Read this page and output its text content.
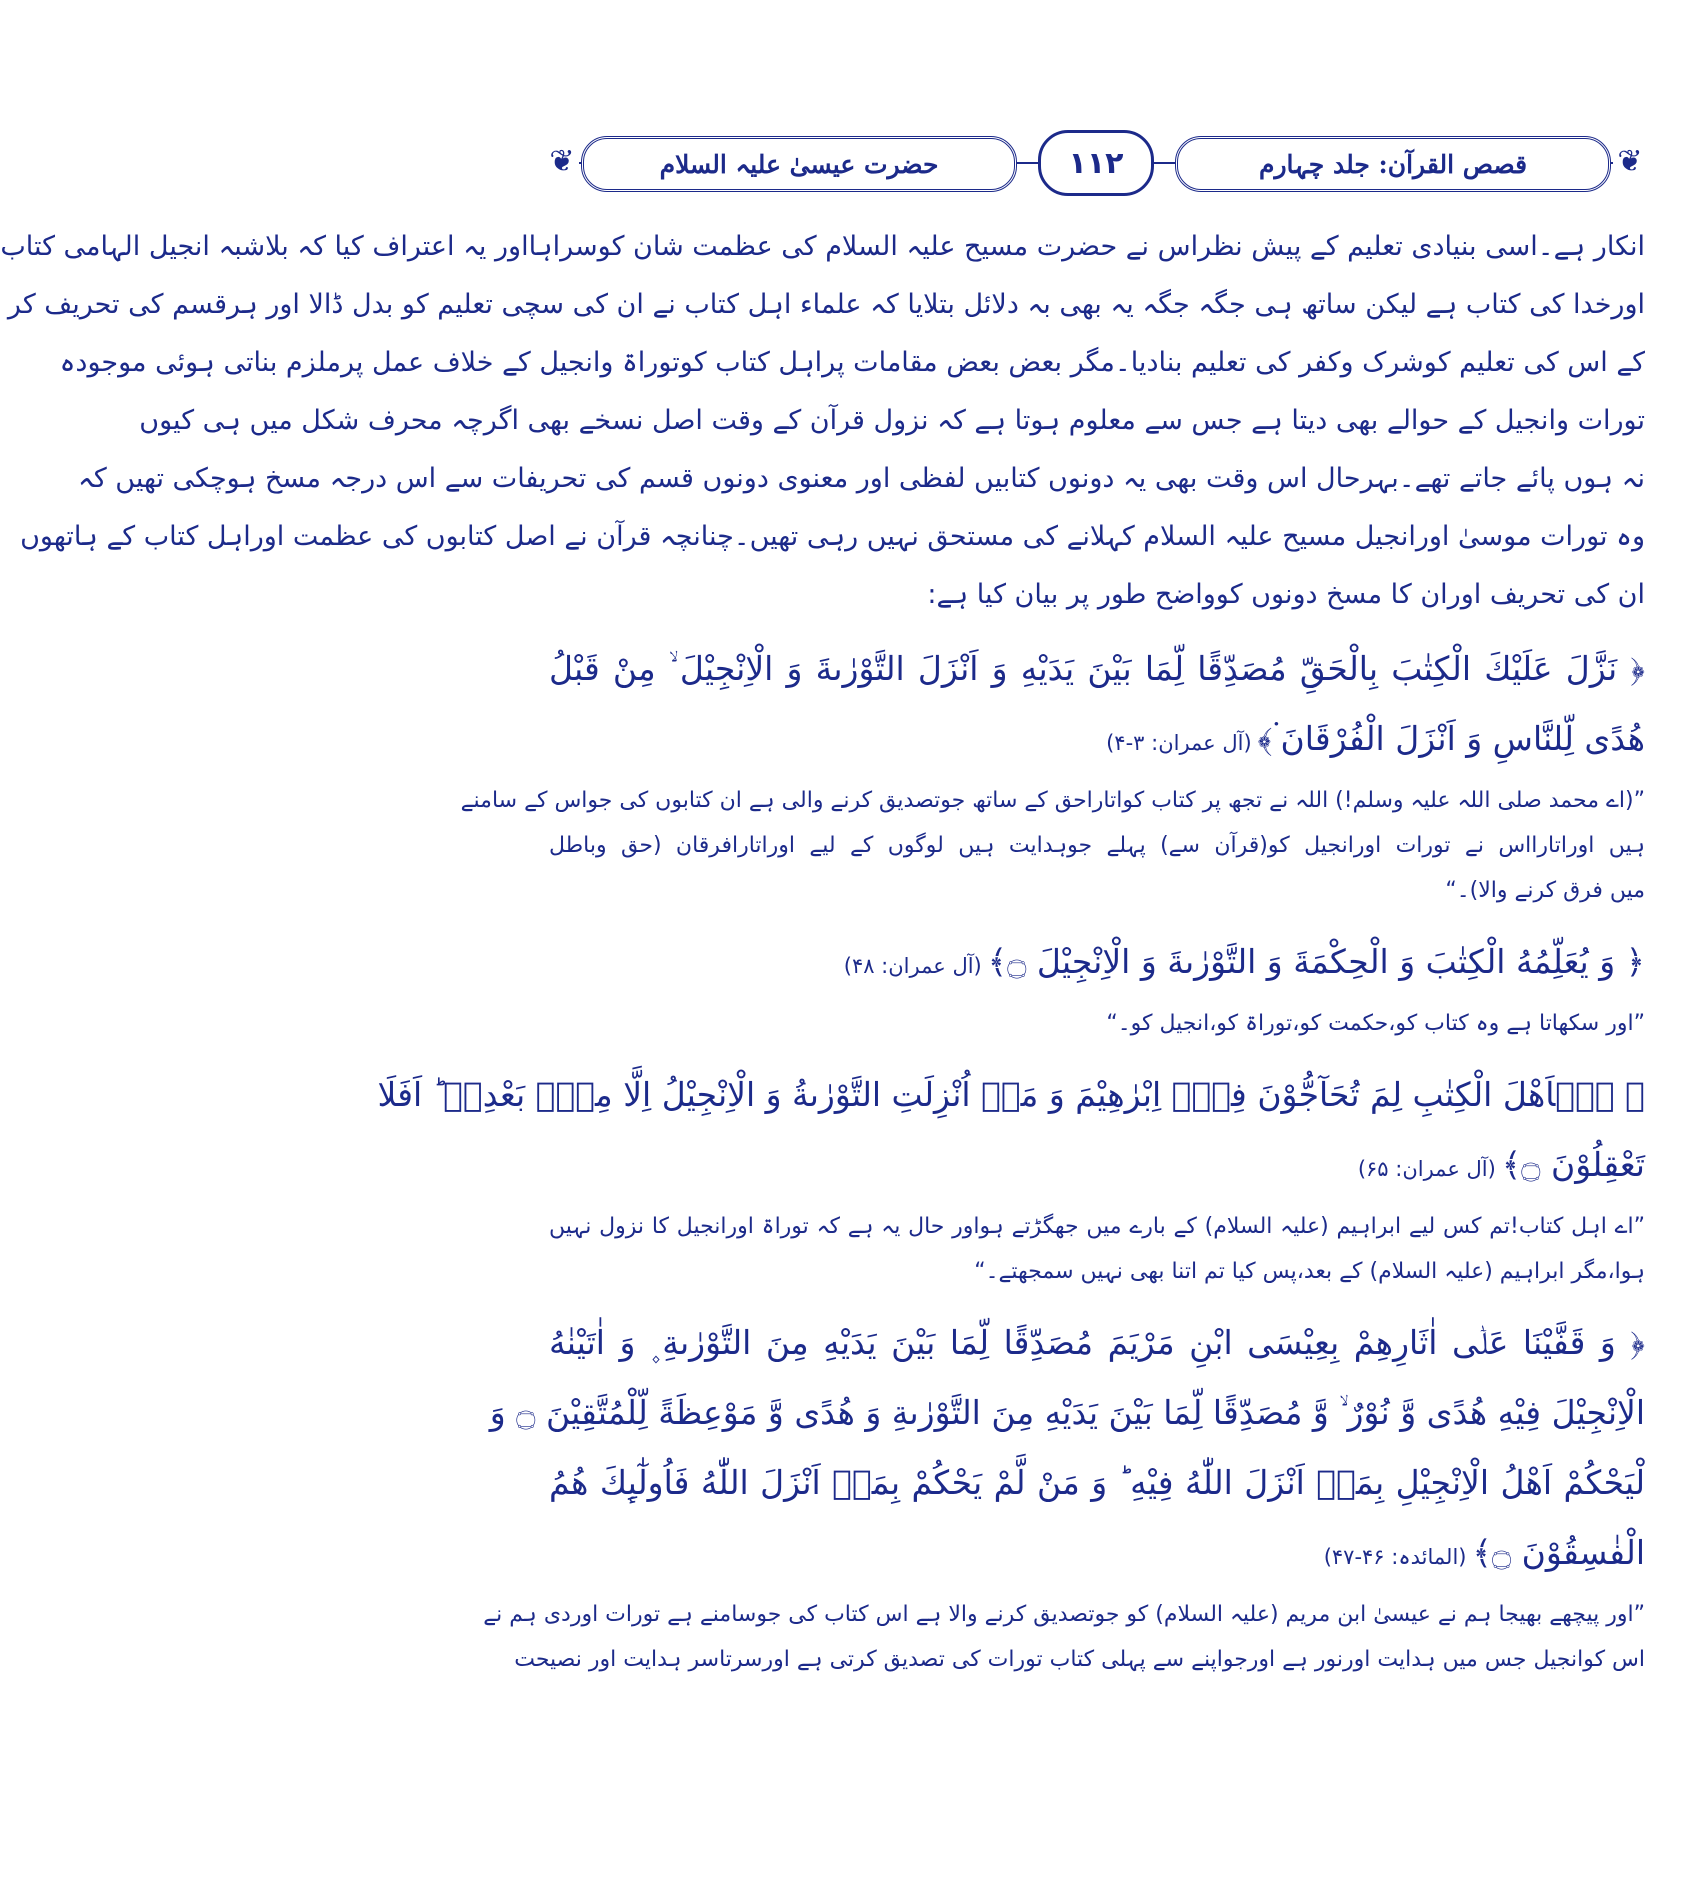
❦	حضرت عیسیٰ علیہ السلام	۱۱۲	قصص القرآن: جلد چہارم	❦
انکار ہے۔اسی بنیادی تعلیم کے پیش نظراس نے حضرت مسیح علیہ السلام کی عظمت شان کوسراہااور یہ اعتراف کیا کہ بلاشبہ انجیل الہامی کتاب
اورخدا کی کتاب ہے لیکن ساتھ ہی جگہ جگہ یہ بھی بہ دلائل بتلایا کہ علماء اہل کتاب نے ان کی سچی تعلیم کو بدل ڈالا اور ہرقسم کی تحریف کر
کے اس کی تعلیم کوشرک وکفر کی تعلیم بنادیا۔مگر بعض بعض مقامات پراہل کتاب کوتوراۃ وانجیل کے خلاف عمل پرملزم بناتی ہوئی موجودہ
تورات وانجیل کے حوالے بھی دیتا ہے جس سے معلوم ہوتا ہے کہ نزول قرآن کے وقت اصل نسخے بھی اگرچہ محرف شکل میں ہی کیوں
نہ ہوں پائے جاتے تھے۔بہرحال اس وقت بھی یہ دونوں کتابیں لفظی اور معنوی دونوں قسم کی تحریفات سے اس درجہ مسخ ہوچکی تھیں کہ
وہ تورات موسیٰ اورانجیل مسیح علیہ السلام کہلانے کی مستحق نہیں رہی تھیں۔چنانچہ قرآن نے اصل کتابوں کی عظمت اوراہل کتاب کے ہاتھوں
ان کی تحریف اوران کا مسخ دونوں کوواضح طور پر بیان کیا ہے:
﴿ نَزَّلَ عَلَيْكَ الْكِتٰبَ بِالْحَقِّ مُصَدِّقًا لِّمَا بَيْنَ يَدَيْهِ وَ اَنْزَلَ التَّوْرٰىةَ وَ الْاِنْجِيْلَ ۙ مِنْ قَبْلُ
هُدًى لِّلنَّاسِ وَ اَنْزَلَ الْفُرْقَانَ ۬﴾(آل عمران: ۳-۴)
”(اے محمد صلی اللہ علیہ وسلم!) اللہ نے تجھ پر کتاب کواتاراحق کے ساتھ جوتصدیق کرنے والی ہے ان کتابوں کی جواس کے سامنے
ہیں اوراتارااس نے تورات اورانجیل کو(قرآن سے) پہلے جوہدایت ہیں لوگوں کے لیے اوراتارافرقان (حق وباطل
میں فرق کرنے والا)۔“
﴿ وَ يُعَلِّمُهُ الْكِتٰبَ وَ الْحِكْمَةَ وَ التَّوْرٰىةَ وَ الْاِنْجِيْلَ ۝﴾(آل عمران: ۴۸)
”اور سکھاتا ہے وہ کتاب کو،حکمت کو،توراۃ کو،انجیل کو۔“
﴿ يٰۤاَهْلَ الْكِتٰبِ لِمَ تُحَآجُّوْنَ فِيْۤ اِبْرٰهِيْمَ وَ مَاۤ اُنْزِلَتِ التَّوْرٰىةُ وَ الْاِنْجِيْلُ اِلَّا مِنْۢ بَعْدِهٖ ؕ اَفَلَا
تَعْقِلُوْنَ ۝﴾(آل عمران: ۶۵)
”اے اہل کتاب!تم کس لیے ابراہیم (علیہ السلام) کے بارے میں جھگڑتے ہواور حال یہ ہے کہ توراۃ اورانجیل کا نزول نہیں
ہوا،مگر ابراہیم (علیہ السلام) کے بعد،پس کیا تم اتنا بھی نہیں سمجھتے۔“
﴿ وَ قَفَّيْنَا عَلٰۤى اٰثَارِهِمْ بِعِيْسَى ابْنِ مَرْيَمَ مُصَدِّقًا لِّمَا بَيْنَ يَدَيْهِ مِنَ التَّوْرٰىةِ ۪ وَ اٰتَيْنٰهُ
الْاِنْجِيْلَ فِيْهِ هُدًى وَّ نُوْرٌ ۙ وَّ مُصَدِّقًا لِّمَا بَيْنَ يَدَيْهِ مِنَ التَّوْرٰىةِ وَ هُدًى وَّ مَوْعِظَةً لِّلْمُتَّقِيْنَ ۝ وَ
لْيَحْكُمْ اَهْلُ الْاِنْجِيْلِ بِمَاۤ اَنْزَلَ اللّٰهُ فِيْهِ ؕ وَ مَنْ لَّمْ يَحْكُمْ بِمَاۤ اَنْزَلَ اللّٰهُ فَاُولٰٓىِٕكَ هُمُ
الْفٰسِقُوْنَ ۝﴾(المائدہ: ۴۶-۴۷)
”اور پیچھے بھیجا ہم نے عیسیٰ ابن مریم (علیہ السلام) کو جوتصدیق کرنے والا ہے اس کتاب کی جوسامنے ہے تورات اوردی ہم نے
اس کوانجیل جس میں ہدایت اورنور ہے اورجواپنے سے پہلی کتاب تورات کی تصدیق کرتی ہے اورسرتاسر ہدایت اور نصیحت
